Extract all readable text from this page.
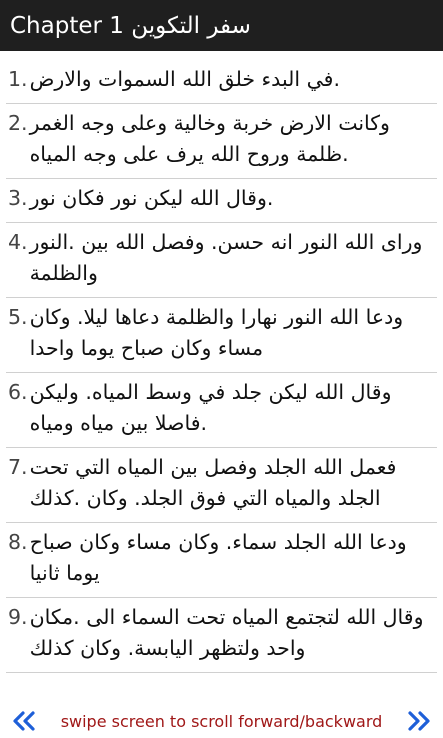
سفر التكوين Chapter 1
1. .في البدء خلق الله السموات والارض
2. وكانت الارض خربة وخالية وعلى وجه الغمر .ظلمة وروح الله يرف على وجه المياه
3. .وقال الله ليكن نور فكان نور
4. وراى الله النور انه حسن. وفصل الله بين .النور والظلمة
5. ودعا الله النور نهارا والظلمة دعاها ليلا. وكان مساء وكان صباح يوما واحدا
6. وقال الله ليكن جلد في وسط المياه. وليكن .فاصلا بين مياه ومياه
7. فعمل الله الجلد وفصل بين المياه التي تحت الجلد والمياه التي فوق الجلد. وكان .كذلك
8. ودعا الله الجلد سماء. وكان مساء وكان صباح يوما ثانيا
9. وقال الله لتجتمع المياه تحت السماء الى .مكان واحد ولتظهر اليابسة. وكان كذلك
swipe screen to scroll forward/backward
